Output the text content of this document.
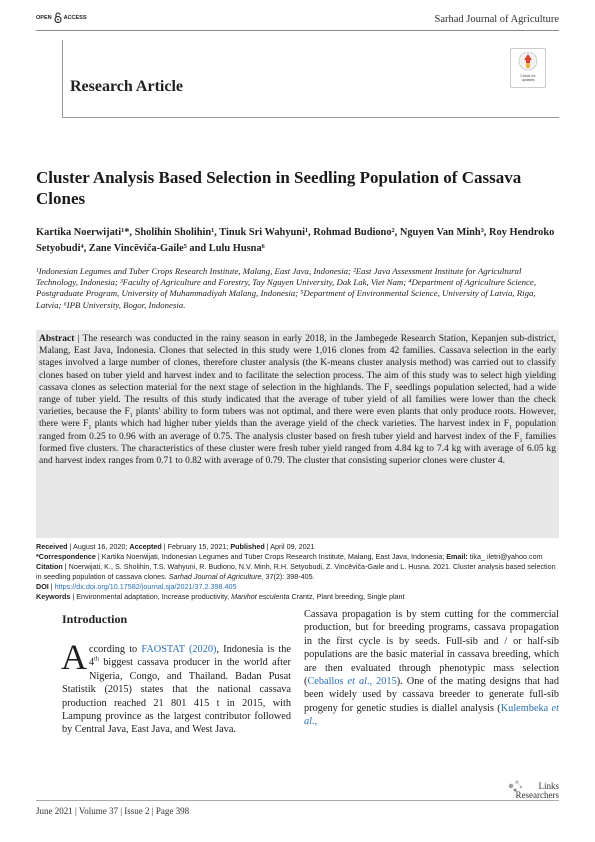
OPEN ACCESS	Sarhad Journal of Agriculture
Research Article
Check for
updates
Cluster Analysis Based Selection in Seedling Population of Cassava Clones
Kartika Noerwijati¹*, Sholihin Sholihin¹, Tinuk Sri Wahyuni¹, Rohmad Budiono², Nguyen Van Minh³, Roy Hendroko Setyobudi⁴, Zane Vincēviča-Gaile⁵ and Lulu Husna⁶
¹Indonesian Legumes and Tuber Crops Research Institute, Malang, East Java, Indonesia; ²East Java Assessment Institute for Agricultural Technology, Indonesia; ³Faculty of Agriculture and Forestry, Tay Nguyen University, Dak Lak, Viet Nam; ⁴Department of Agriculture Science, Postgraduate Program, University of Muhammadiyah Malang, Indonesia; ⁵Department of Environmental Science, University of Latvia, Riga, Latvia; ⁶IPB University, Bogor, Indonesia.

Abstract | The research was conducted in the rainy season in early 2018, in the Jambegede Research Station, Kepanjen sub-district, Malang, East Java, Indonesia. Clones that selected in this study were 1,016 clones from 42 families. Cassava selection in the early stages involved a large number of clones, therefore cluster analysis (the K-means cluster analysis method) was carried out to classify clones based on tuber yield and harvest index and to facilitate the selection process. The aim of this study was to select high yielding cassava clones as selection material for the next stage of selection in the highlands. The $F_1$ seedlings population selected, had a wide range of tuber yield. The results of this study indicated that the average of tuber yield of all families were lower than the check varieties, because the $F_1$ plants' ability to form tubers was not optimal, and there were even plants that only produce roots. However, there were $F_1$ plants which had higher tuber yields than the average yield of the check varieties. The harvest index in $F_1$ population ranged from 0.25 to 0.96 with an average of 0.75. The analysis cluster based on fresh tuber yield and harvest index of the $F_1$ families formed five clusters. The characteristics of these cluster were fresh tuber yield ranged from 4.84 kg to 7.4 kg with average of 6.05 kg and harvest index ranges from 0.71 to 0.82 with average of 0.79. The cluster that consisting superior clones were cluster 4.

Received | August 16, 2020; Accepted | February 15, 2021; Published | April 09, 2021
*Correspondence | Kartika Noerwijati, Indonesian Legumes and Tuber Crops Research Institute, Malang, East Java, Indonesia; Email: tika_ iletri@yahoo.com
Citation | Noerwijati, K., S. Sholihin, T.S. Wahyuni, R. Budiono, N.V. Minh, R.H. Setyobudi, Z. Vincēviča-Gaile and L. Husna. 2021. Cluster analysis based selection in seedling population of cassava clones. Sarhad Journal of Agriculture, 37(2): 398-405.
DOI | https://dx.doi.org/10.17582/journal.sja/2021/37.2.398.405
Keywords | Environmental adaptation, Increase productivity, Manihot esculenta Crantz, Plant breeding, Single plant
Introduction

According to FAOSTAT (2020), Indonesia is the 4th biggest cassava producer in the world after Nigeria, Congo, and Thailand. Badan Pusat Statistik (2015) states that the national cassava production reached 21 801 415 t in 2015, with Lampung province as the largest contributor followed by Central Java, East Java, and West Java.

Cassava propagation is by stem cutting for the commercial production, but for breeding programs, cassava propagation in the first cycle is by seeds. Full-sib and / or half-sib populations are the basic material in cassava breeding, which are then evaluated through phenotypic mass selection (Ceballos et al., 2015). One of the mating designs that had been widely used by cassava breeder to generate full-sib progeny for genetic studies is diallel analysis (Kulembeka et al.,

Links
Researchers
June 2021 | Volume 37 | Issue 2 | Page 398
